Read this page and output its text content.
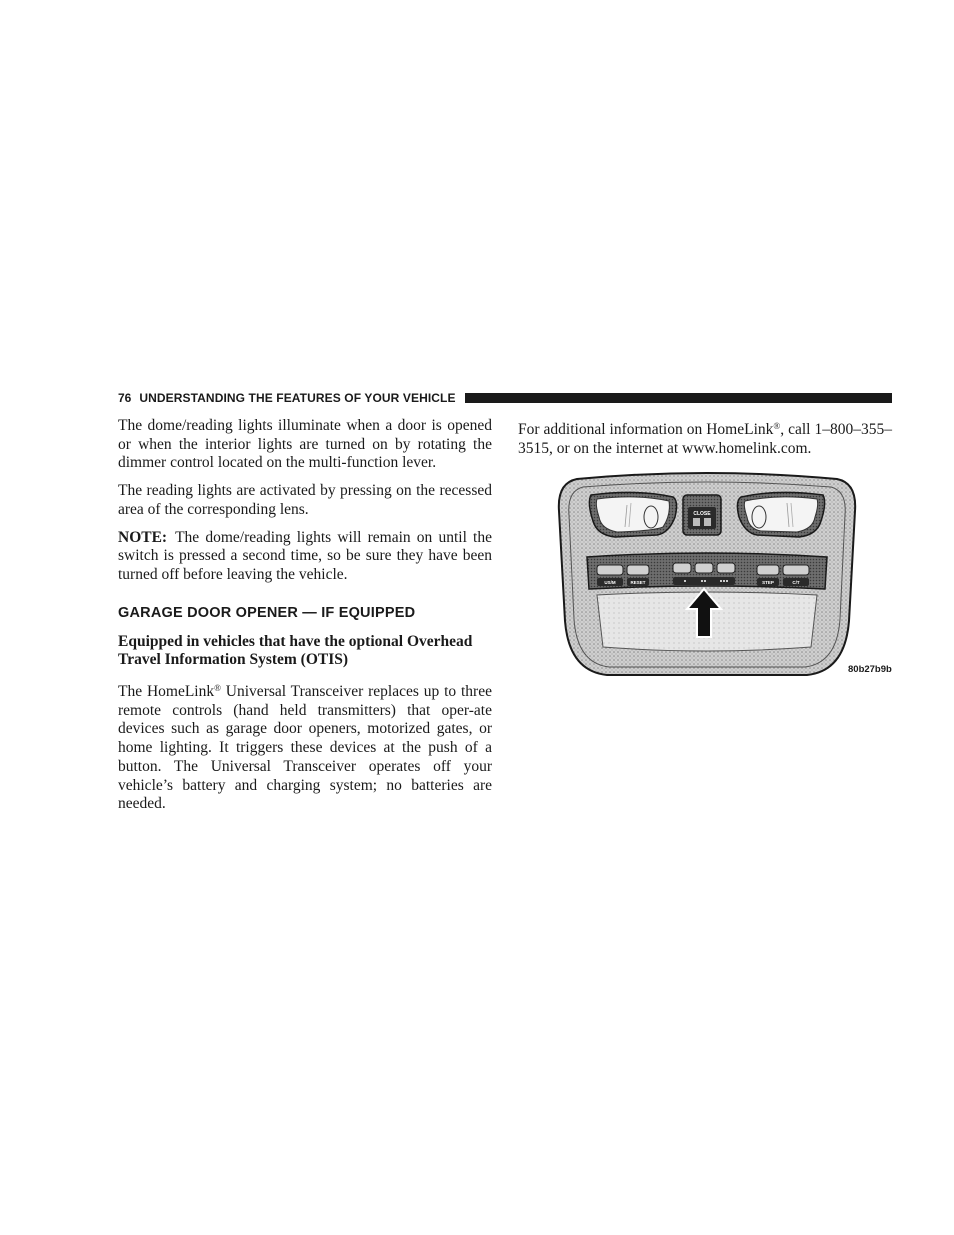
76 UNDERSTANDING THE FEATURES OF YOUR VEHICLE

The dome/reading lights illuminate when a door is opened or when the interior lights are turned on by rotating the dimmer control located on the multi-function lever.

The reading lights are activated by pressing on the recessed area of the corresponding lens.

NOTE: The dome/reading lights will remain on until the switch is pressed a second time, so be sure they have been turned off before leaving the vehicle.

GARAGE DOOR OPENER — IF EQUIPPED
Equipped in vehicles that have the optional Overhead Travel Information System (OTIS)

The HomeLink® Universal Transceiver replaces up to three remote controls (hand held transmitters) that oper-ate devices such as garage door openers, motorized gates, or home lighting. It triggers these devices at the push of a button. The Universal Transceiver operates off your vehicle’s battery and charging system; no batteries are needed.

For additional information on HomeLink®, call 1–800–355–3515, or on the internet at www.homelink.com.

CLOSE
US/M	RESET	STEP	C/T
80b27b9b
